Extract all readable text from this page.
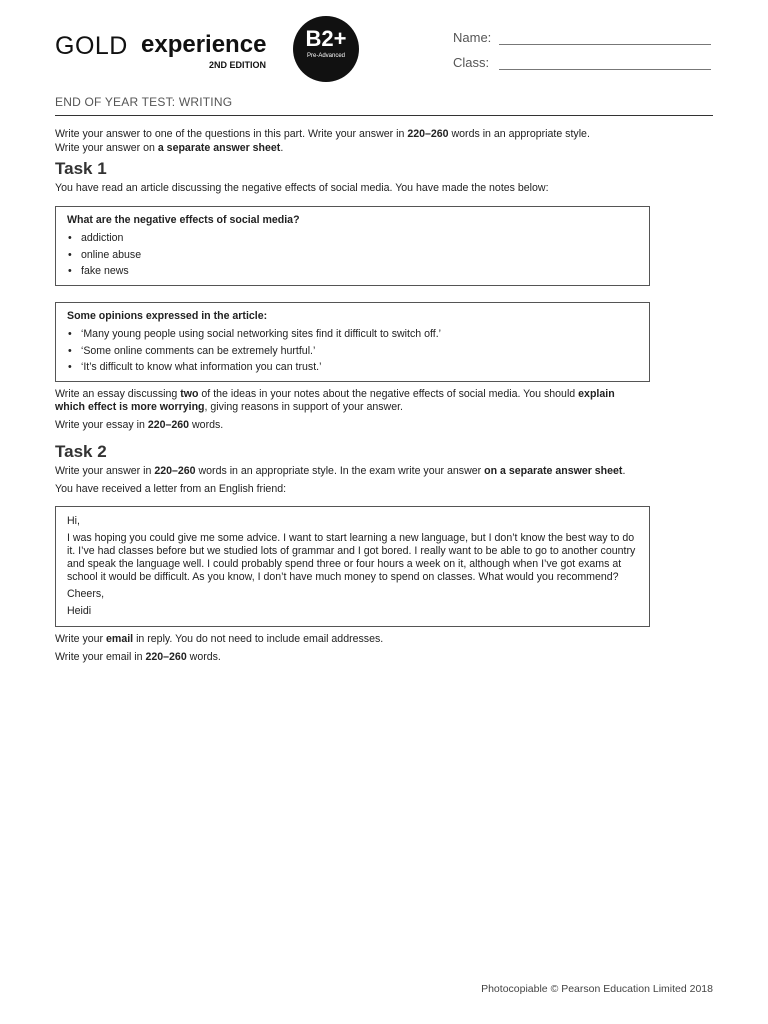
GOLD experience
2ND EDITION
B2+
Pre-Advanced
Name:
Class:
END OF YEAR TEST: WRITING

Write your answer to one of the questions in this part. Write your answer in 220–260 words in an appropriate style.

Write your answer on a separate answer sheet.

Task 1

You have read an article discussing the negative effects of social media. You have made the notes below:

What are the negative effects of social media?
• addiction
• online abuse
• fake news
Some opinions expressed in the article:
• ‘Many young people using social networking sites find it difficult to switch off.’
• ‘Some online comments can be extremely hurtful.’
• ‘It’s difficult to know what information you can trust.’

Write an essay discussing two of the ideas in your notes about the negative effects of social media. You should explain which effect is more worrying, giving reasons in support of your answer.

Write your essay in 220–260 words.

Task 2

Write your answer in 220–260 words in an appropriate style. In the exam write your answer on a separate answer sheet.

You have received a letter from an English friend:

Hi,

I was hoping you could give me some advice. I want to start learning a new language, but I don’t know the best way to do it. I’ve had classes before but we studied lots of grammar and I got bored. I really want to be able to go to another country and speak the language well. I could probably spend three or four hours a week on it, although when I’ve got exams at school it would be difficult. As you know, I don’t have much money to spend on classes. What would you recommend?

Cheers,

Heidi

Write your email in reply. You do not need to include email addresses.

Write your email in 220–260 words.

Photocopiable © Pearson Education Limited 2018
